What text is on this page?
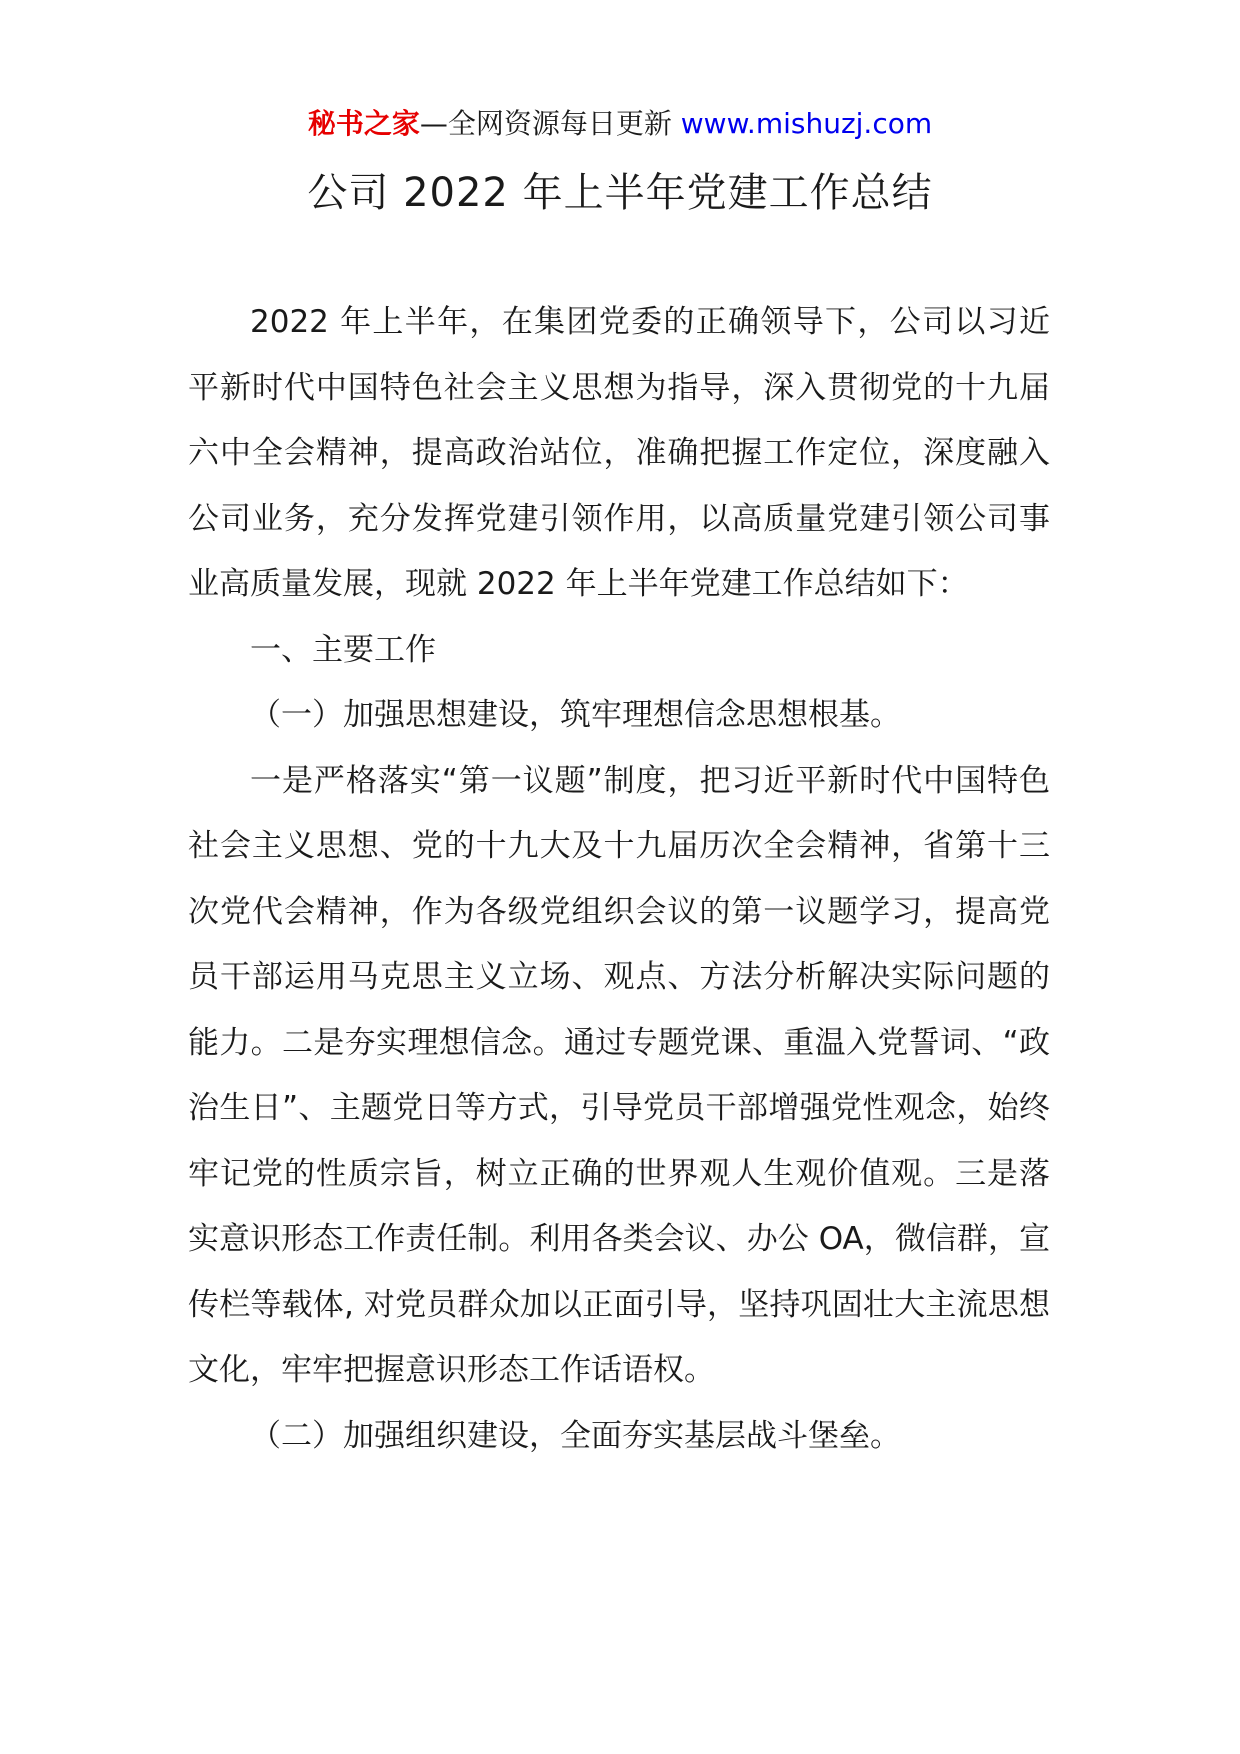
秘书之家—全网资源每日更新 www.mishuzj.com
公司 2022 年上半年党建工作总结

2022 年上半年，在集团党委的正确领导下，公司以习近平新时代中国特色社会主义思想为指导，深入贯彻党的十九届六中全会精神，提高政治站位，准确把握工作定位，深度融入公司业务，充分发挥党建引领作用，以高质量党建引领公司事业高质量发展，现就 2022 年上半年党建工作总结如下：

一、主要工作

（一）加强思想建设，筑牢理想信念思想根基。

一是严格落实“第一议题”制度，把习近平新时代中国特色社会主义思想、党的十九大及十九届历次全会精神，省第十三次党代会精神，作为各级党组织会议的第一议题学习，提高党员干部运用马克思主义立场、观点、方法分析解决实际问题的能力。二是夯实理想信念。通过专题党课、重温入党誓词、“政治生日”、主题党日等方式，引导党员干部增强党性观念，始终牢记党的性质宗旨，树立正确的世界观人生观价值观。三是落实意识形态工作责任制。利用各类会议、办公 OA，微信群，宣传栏等载体, 对党员群众加以正面引导，坚持巩固壮大主流思想文化，牢牢把握意识形态工作话语权。

（二）加强组织建设，全面夯实基层战斗堡垒。
